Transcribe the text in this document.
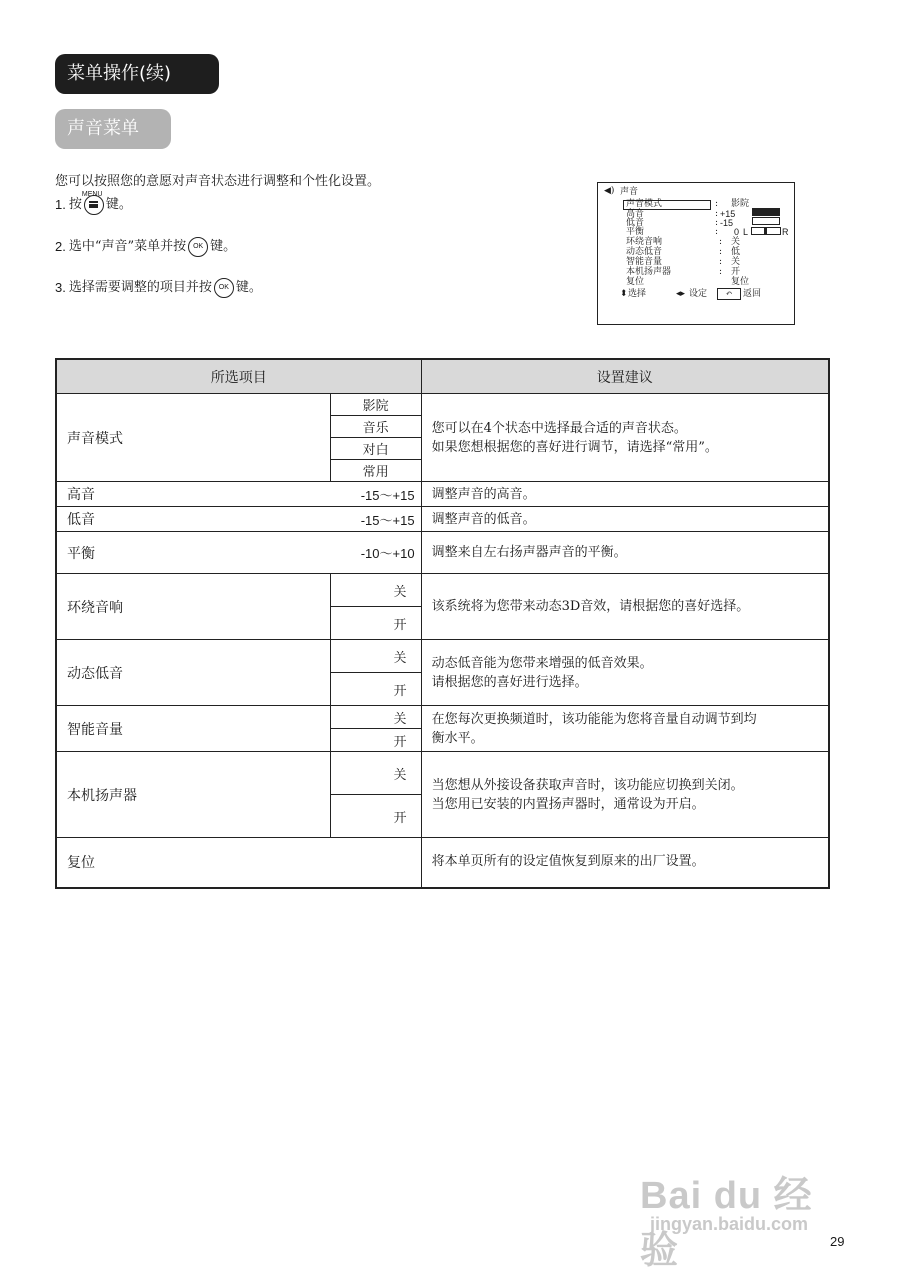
菜单操作(续)
声音菜单
您可以按照您的意愿对声音状态进行调整和个性化设置。
1. 按
MENU
键。
2. 选中“声音”菜单并按 OK 键。
3. 选择需要调整的项目并按 OK 键。
◀) 声音
声音模式	: 影院
高音	: +15
低音	: -15
平衡	: 0 L	R
环绕音响	: 关
动态低音	: 低
智能音量	: 关
本机扬声器	: 开
复位	复位
⬍ 选择	◂▸ 设定	↶	返回
所选项目		设置建议
声音模式	影院	您可以在4个状态中选择最合适的声音状态。
如果您想根据您的喜好进行调节，请选择“常用”。

	音乐	
	对白	
	常用	
高音	-15～+15	调整声音的高音。
低音	-15～+15	调整声音的低音。
平衡	-10～+10	调整来自左右扬声器声音的平衡。
环绕音响	关	该系统将为您带来动态3D音效，请根据您的喜好选择。
	开	
动态低音	关	动态低音能为您带来增强的低音效果。
请根据您的喜好进行选择。

	开	
智能音量	关	在您每次更换频道时，该功能能为您将音量自动调节到均
衡水平。

	开	
本机扬声器	关	当您想从外接设备获取声音时，该功能应切换到关闭。
当您用已安装的内置扬声器时，通常设为开启。

	开	
复位		将本单页所有的设定值恢复到原来的出厂设置。
Bai du 经验
jingyan.baidu.com
29
